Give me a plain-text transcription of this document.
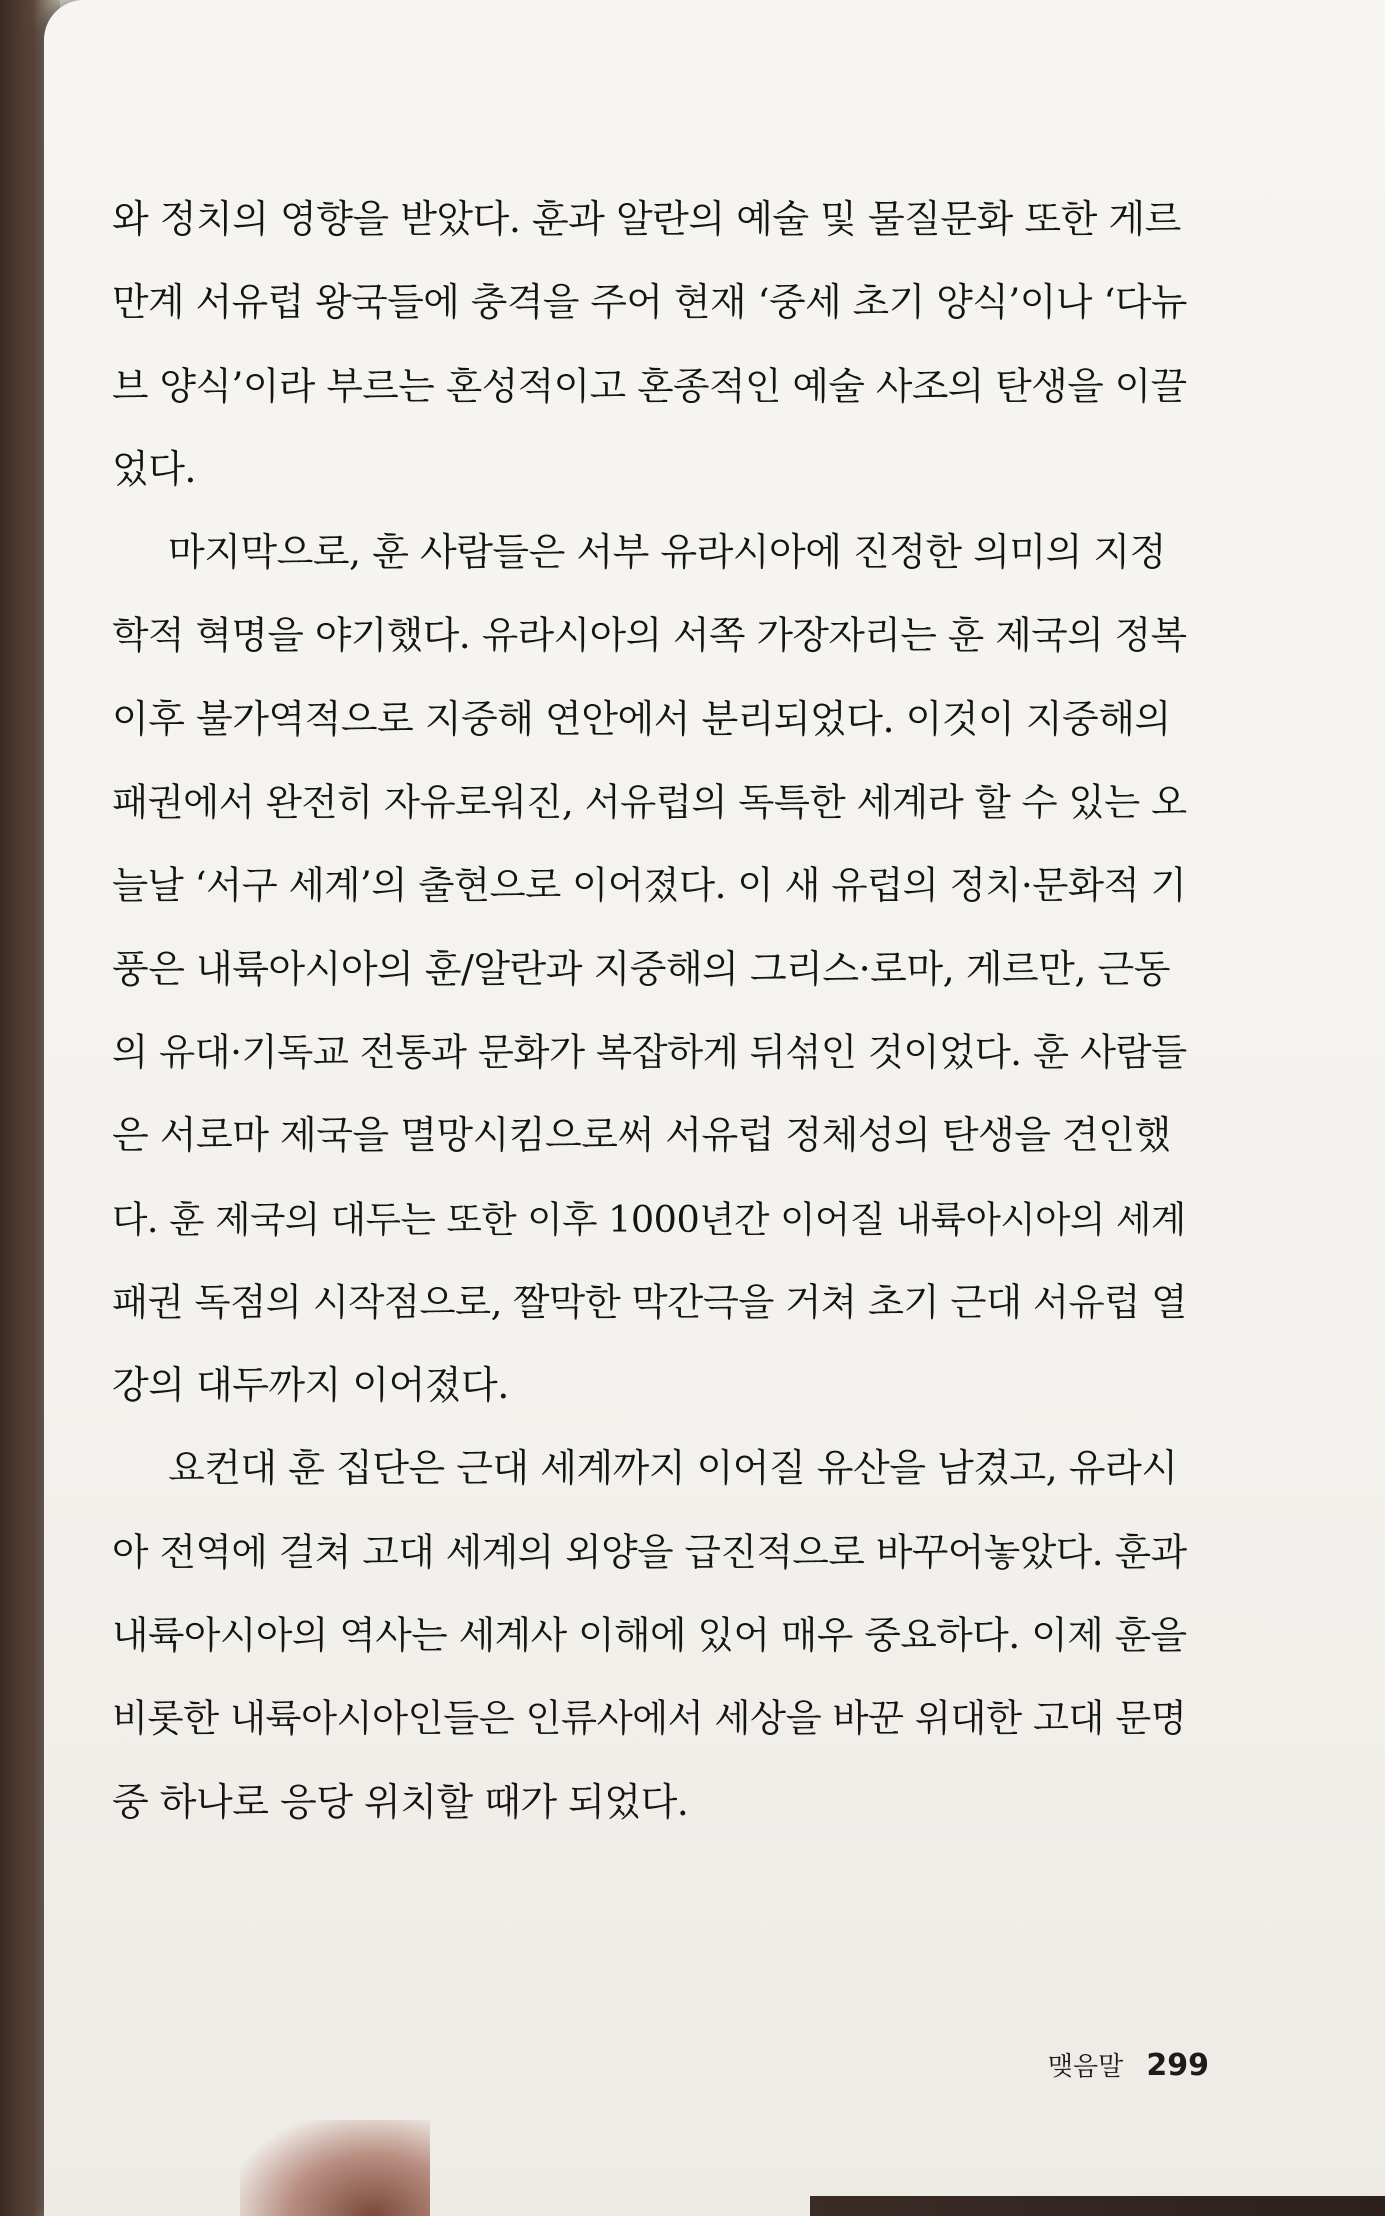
와 정치의 영향을 받았다. 훈과 알란의 예술 및 물질문화 또한 게르
만계 서유럽 왕국들에 충격을 주어 현재 ‘중세 초기 양식’이나 ‘다뉴
브 양식’이라 부르는 혼성적이고 혼종적인 예술 사조의 탄생을 이끌
었다.
마지막으로, 훈 사람들은 서부 유라시아에 진정한 의미의 지정
학적 혁명을 야기했다. 유라시아의 서쪽 가장자리는 훈 제국의 정복
이후 불가역적으로 지중해 연안에서 분리되었다. 이것이 지중해의
패권에서 완전히 자유로워진, 서유럽의 독특한 세계라 할 수 있는 오
늘날 ‘서구 세계’의 출현으로 이어졌다. 이 새 유럽의 정치·문화적 기
풍은 내륙아시아의 훈/알란과 지중해의 그리스·로마, 게르만, 근동
의 유대·기독교 전통과 문화가 복잡하게 뒤섞인 것이었다. 훈 사람들
은 서로마 제국을 멸망시킴으로써 서유럽 정체성의 탄생을 견인했
다. 훈 제국의 대두는 또한 이후 1000년간 이어질 내륙아시아의 세계
패권 독점의 시작점으로, 짤막한 막간극을 거쳐 초기 근대 서유럽 열
강의 대두까지 이어졌다.
요컨대 훈 집단은 근대 세계까지 이어질 유산을 남겼고, 유라시
아 전역에 걸쳐 고대 세계의 외양을 급진적으로 바꾸어놓았다. 훈과
내륙아시아의 역사는 세계사 이해에 있어 매우 중요하다. 이제 훈을
비롯한 내륙아시아인들은 인류사에서 세상을 바꾼 위대한 고대 문명
중 하나로 응당 위치할 때가 되었다.
맺음말 299
